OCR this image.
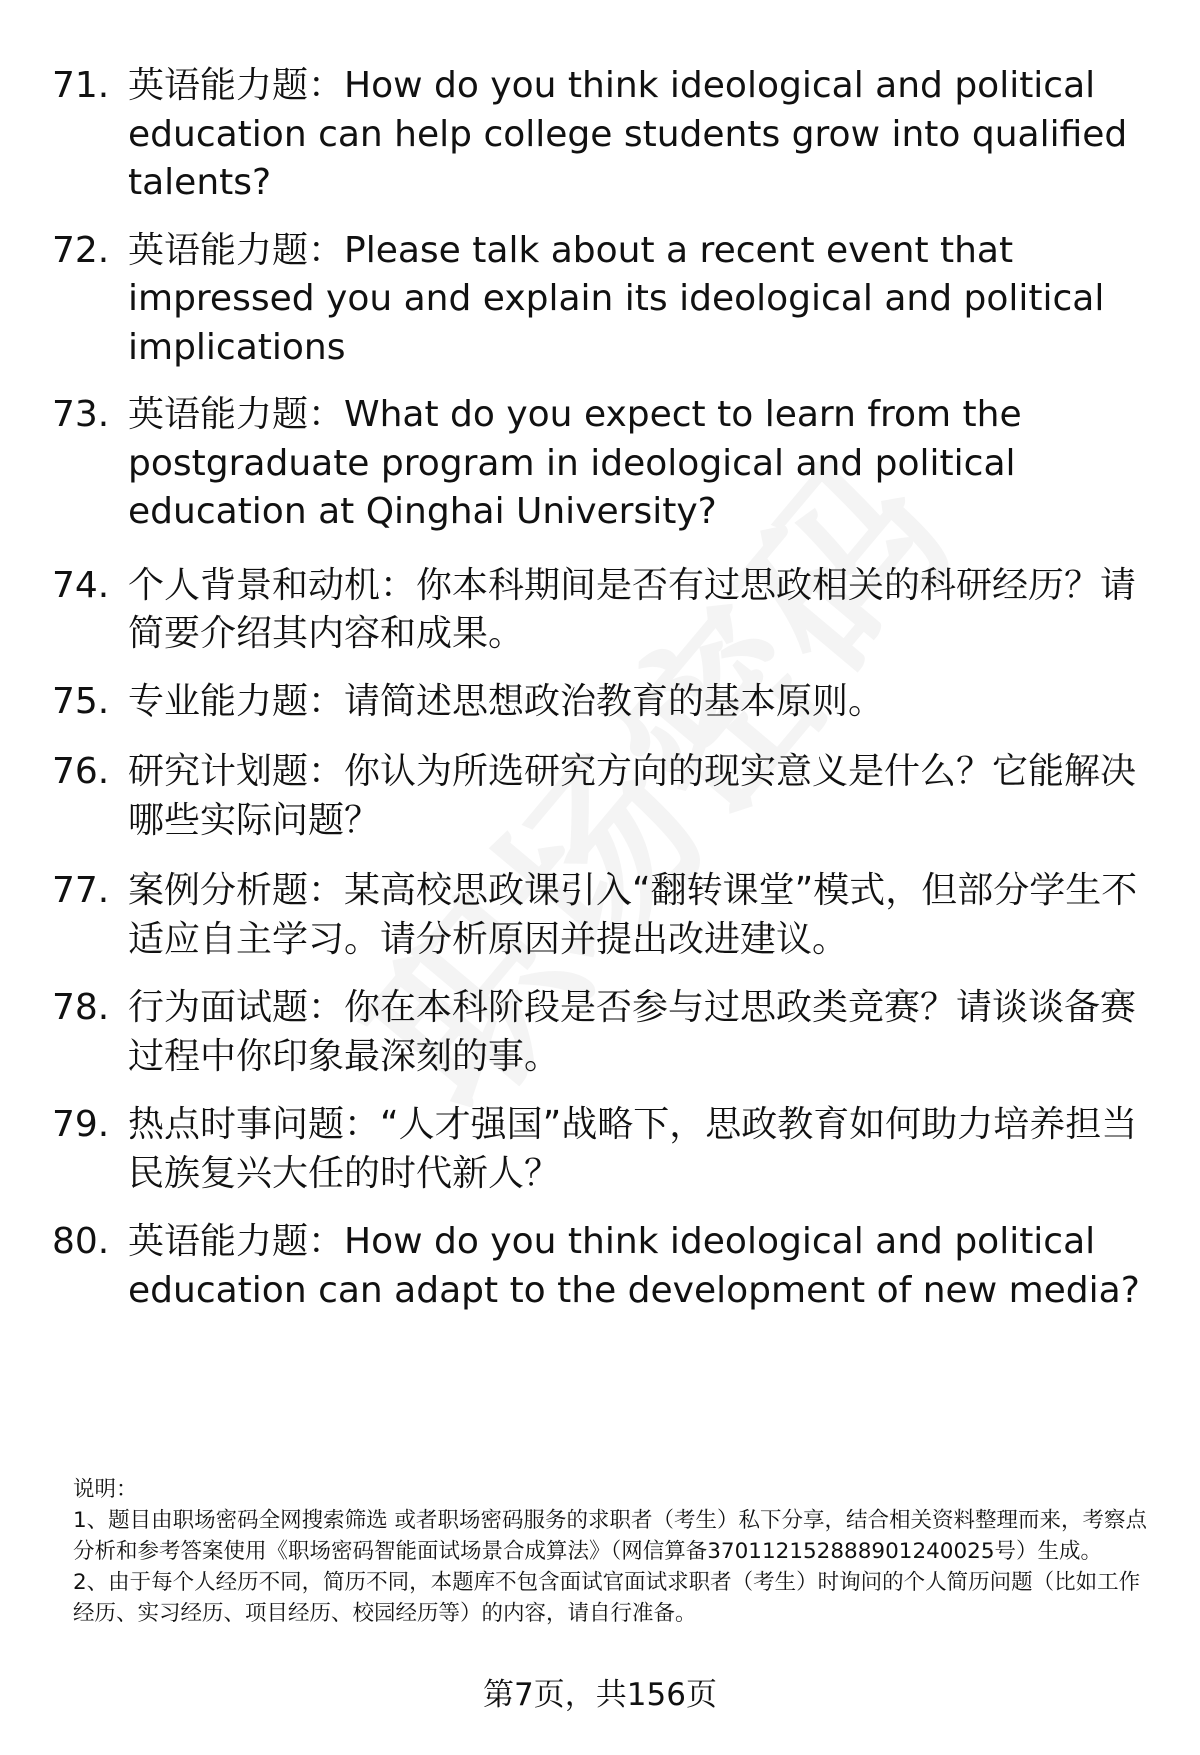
71. 英语能力题：How do you think ideological and political education can help college students grow into qualified talents?
72. 英语能力题：Please talk about a recent event that impressed you and explain its ideological and political implications
73. 英语能力题：What do you expect to learn from the postgraduate program in ideological and political education at Qinghai University?
74. 个人背景和动机：你本科期间是否有过思政相关的科研经历？请简要介绍其内容和成果。
75. 专业能力题：请简述思想政治教育的基本原则。
76. 研究计划题：你认为所选研究方向的现实意义是什么？它能解决哪些实际问题？
77. 案例分析题：某高校思政课引入“翻转课堂”模式，但部分学生不适应自主学习。请分析原因并提出改进建议。
78. 行为面试题：你在本科阶段是否参与过思政类竞赛？请谈谈备赛过程中你印象最深刻的事。
79. 热点时事问题：“人才强国”战略下，思政教育如何助力培养担当民族复兴大任的时代新人？
80. 英语能力题：How do you think ideological and political education can adapt to the development of new media?

说明：

1、题目由职场密码全网搜索筛选 或者职场密码服务的求职者（考生）私下分享，结合相关资料整理而来，考察点分析和参考答案使用《职场密码智能面试场景合成算法》（网信算备370112152888901240025号）生成。

2、由于每个人经历不同，简历不同，本题库不包含面试官面试求职者（考生）时询问的个人简历问题（比如工作经历、实习经历、项目经历、校园经历等）的内容，请自行准备。

第7页，共156页
